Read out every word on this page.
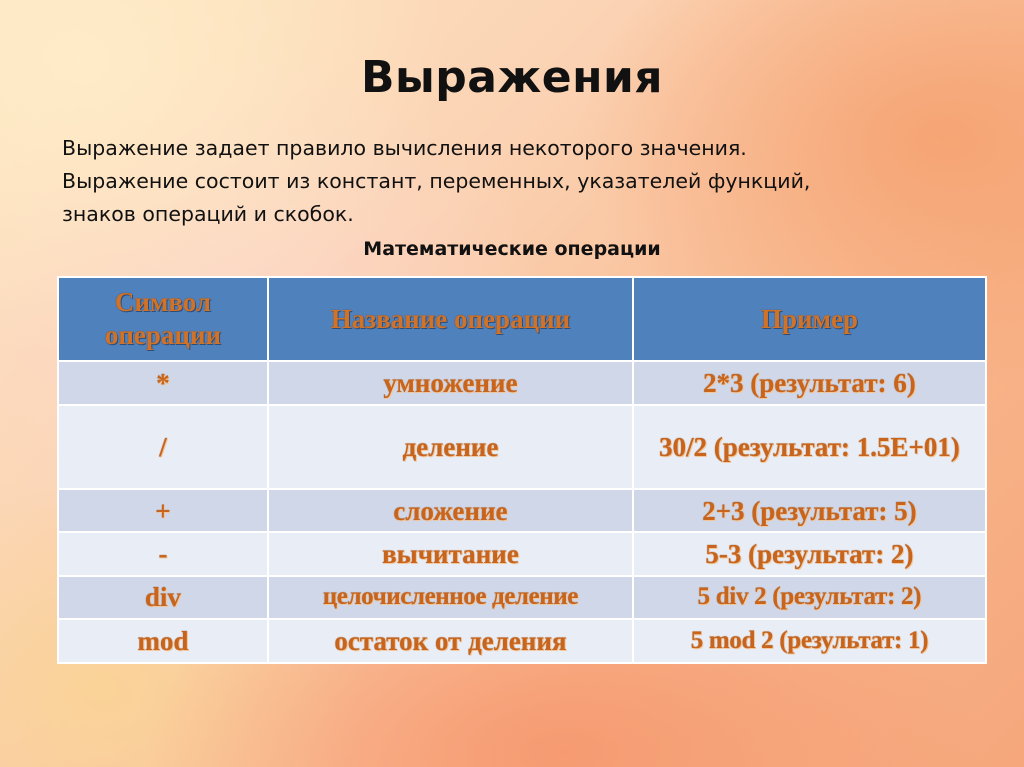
Выражения
Выражение задает правило вычисления некоторого значения.
Выражение состоит из констант, переменных, указателей функций,
знаков операций и скобок.
Математические операции
Символ операции	Название операции	Пример
*	умножение	2*3 (результат: 6)
/	деление	30/2 (результат: 1.5E+01)
+	сложение	2+3 (результат: 5)
-	вычитание	5-3 (результат: 2)
div	целочисленное деление	5 div 2 (результат: 2)
mod	остаток от деления	5 mod 2 (результат: 1)
